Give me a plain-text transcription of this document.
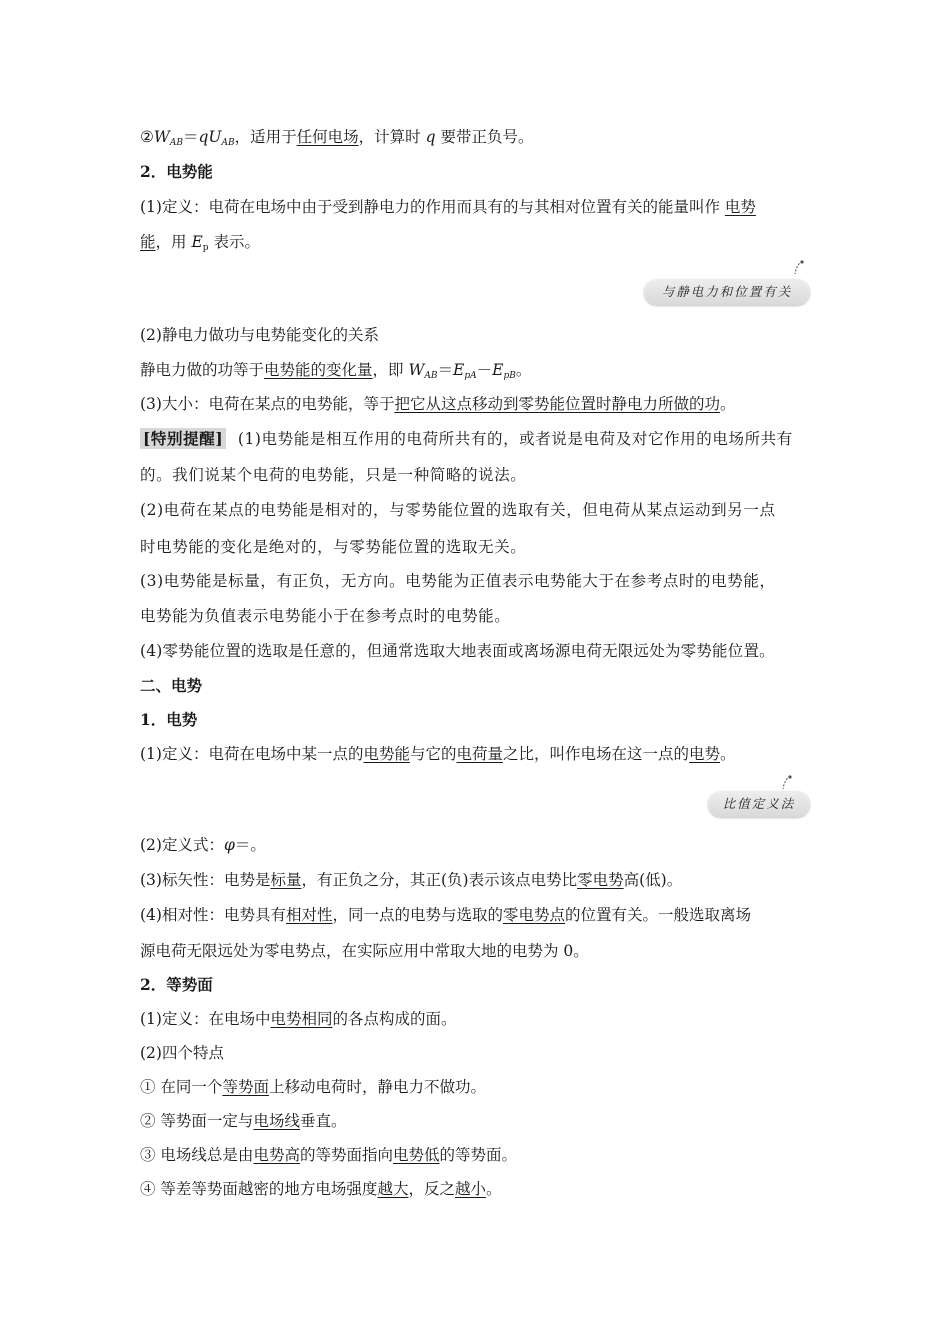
$②W_{AB}=qU_{AB}$，适用于任何电场，计算时 q 要带正负号。
2．电势能
(1)定义：电荷在电场中由于受到静电力的作用而具有的与其相对位置有关的能量叫作 电势
能，用 $E_p$ 表示。
与静电力和位置有关
(2)静电力做功与电势能变化的关系
静电力做的功等于电势能的变化量，即 $W_{AB}=E_{pA}-E_{pB}$。
(3)大小：电荷在某点的电势能，等于把它从这点移动到零势能位置时静电力所做的功。
[特别提醒] (1)电势能是相互作用的电荷所共有的，或者说是电荷及对它作用的电场所共有
的。我们说某个电荷的电势能，只是一种简略的说法。
(2)电荷在某点的电势能是相对的，与零势能位置的选取有关，但电荷从某点运动到另一点
时电势能的变化是绝对的，与零势能位置的选取无关。
(3)电势能是标量，有正负，无方向。电势能为正值表示电势能大于在参考点时的电势能，
电势能为负值表示电势能小于在参考点时的电势能。
(4)零势能位置的选取是任意的，但通常选取大地表面或离场源电荷无限远处为零势能位置。
二、电势
1．电势
(1)定义：电荷在电场中某一点的电势能与它的电荷量之比，叫作电场在这一点的电势。
比值定义法
(2)定义式：φ＝。
(3)标矢性：电势是标量，有正负之分，其正(负)表示该点电势比零电势高(低)。
(4)相对性：电势具有相对性，同一点的电势与选取的零电势点的位置有关。一般选取离场
源电荷无限远处为零电势点，在实际应用中常取大地的电势为 0。
2．等势面
(1)定义：在电场中电势相同的各点构成的面。
(2)四个特点
① 在同一个等势面上移动电荷时，静电力不做功。
② 等势面一定与电场线垂直。
③ 电场线总是由电势高的等势面指向电势低的等势面。
④ 等差等势面越密的地方电场强度越大，反之越小。
